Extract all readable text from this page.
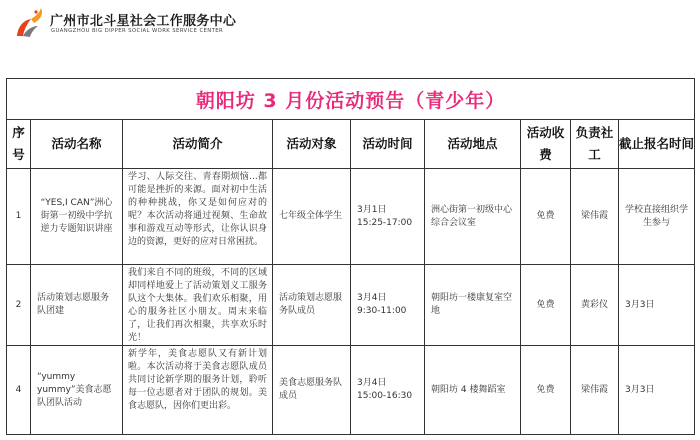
广州市北斗星社会工作服务中心
GUANGZHOU BIG DIPPER SOCIAL WORK SERVICE CENTER
朝阳坊 3 月份活动预告（青少年）								
序号	活动名称	活动简介	活动对象	活动时间	活动地点	活动收费	负责社工	截止报名时间
1	“YES,I CAN”洲心街第一初级中学抗逆力专题知识讲座	学习、人际交往、青春期烦恼...都可能是挫折的来源。面对初中生活的种种挑战，你又是如何应对的呢？本次活动将通过视频、生命故事和游戏互动等形式，让你认识身边的资源，更好的应对日常困扰。	七年级全体学生	3月1日
15:25-17:00	洲心街第一初级中心综合会议室	免费	梁伟霞	学校直接组织学生参与
2	活动策划志愿服务队团建	我们来自不同的班级，不同的区域却同样地爱上了活动策划义工服务队这个大集体。我们欢乐相聚，用心的服务社区小朋友。周末来临了，让我们再次相聚，共享欢乐时光！	活动策划志愿服务队成员	3月4日
9:30-11:00	朝阳坊一楼康复室空地	免费	黄彩仪	3月3日
4	“yummy yummy”美食志愿队团队活动	新学年，美食志愿队又有新计划啦。本次活动将于美食志愿队成员共同讨论新学期的服务计划，聆听每一位志愿者对于团队的规划。美食志愿队，因你们更出彩。	美食志愿服务队成员	3月4日
15:00-16:30	朝阳坊 4 楼舞蹈室	免费	梁伟霞	3月3日
